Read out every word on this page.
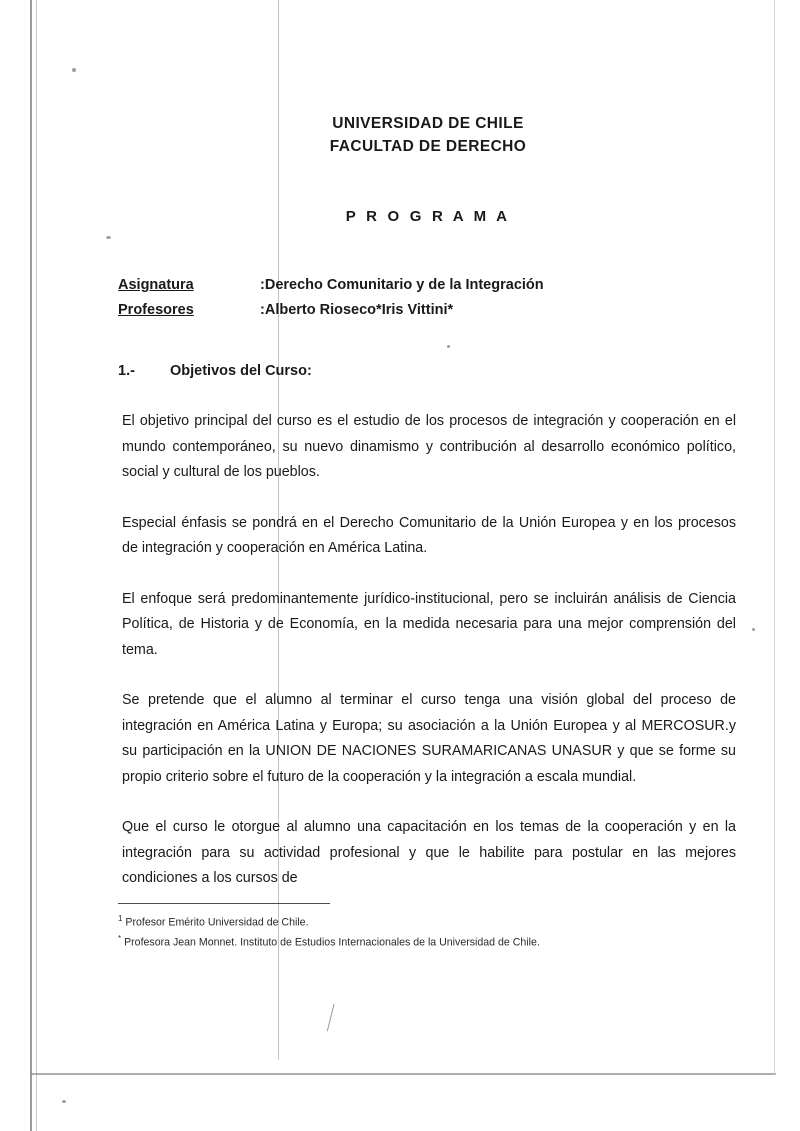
UNIVERSIDAD DE CHILE
FACULTAD DE DERECHO
P R O G R A M A
Asignatura	: Derecho Comunitario y de la Integración
Profesores	: Alberto Rioseco* Iris Vittini*
1.- Objetivos del Curso:

El objetivo principal del curso es el estudio de los procesos de integración y cooperación en el mundo contemporáneo, su nuevo dinamismo y contribución al desarrollo económico político, social y cultural de los pueblos.

Especial énfasis se pondrá en el Derecho Comunitario de la Unión Europea y en los procesos de integración y cooperación en América Latina.

El enfoque será predominantemente jurídico-institucional, pero se incluirán análisis de Ciencia Política, de Historia y de Economía, en la medida necesaria para una mejor comprensión del tema.

Se pretende que el alumno al terminar el curso tenga una visión global del proceso de integración en América Latina y Europa; su asociación a la Unión Europea y al MERCOSUR.y su participación en la UNION DE NACIONES SURAMARICANAS UNASUR y que se forme su propio criterio sobre el futuro de la cooperación y la integración a escala mundial.

Que el curso le otorgue al alumno una capacitación en los temas de la cooperación y en la integración para su actividad profesional y que le habilite para postular en las mejores condiciones a los cursos de

$^1$ Profesor Emérito Universidad de Chile.
* Profesora Jean Monnet. Instituto de Estudios Internacionales de la Universidad de Chile.
